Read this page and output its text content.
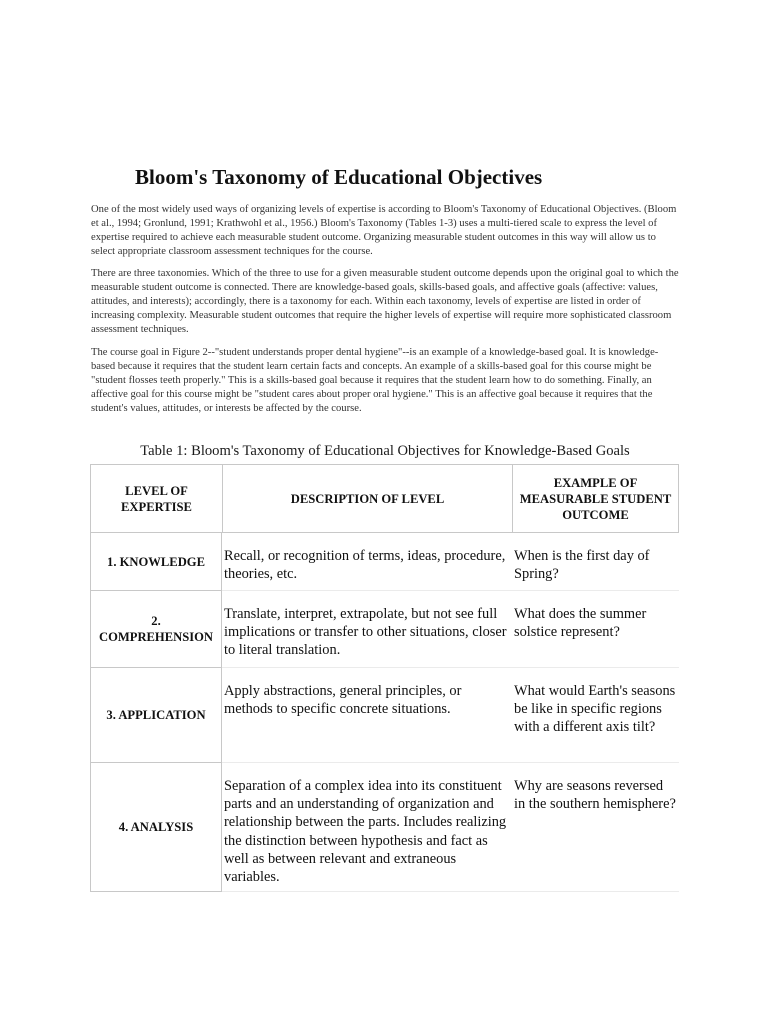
Bloom's Taxonomy of Educational Objectives

One of the most widely used ways of organizing levels of expertise is according to Bloom's Taxonomy of Educational Objectives. (Bloom et al., 1994; Gronlund, 1991; Krathwohl et al., 1956.) Bloom's Taxonomy (Tables 1-3) uses a multi-tiered scale to express the level of expertise required to achieve each measurable student outcome. Organizing measurable student outcomes in this way will allow us to select appropriate classroom assessment techniques for the course.

There are three taxonomies. Which of the three to use for a given measurable student outcome depends upon the original goal to which the measurable student outcome is connected. There are knowledge-based goals, skills-based goals, and affective goals (affective: values, attitudes, and interests); accordingly, there is a taxonomy for each. Within each taxonomy, levels of expertise are listed in order of increasing complexity. Measurable student outcomes that require the higher levels of expertise will require more sophisticated classroom assessment techniques.

The course goal in Figure 2--"student understands proper dental hygiene"--is an example of a knowledge-based goal. It is knowledge-based because it requires that the student learn certain facts and concepts. An example of a skills-based goal for this course might be "student flosses teeth properly." This is a skills-based goal because it requires that the student learn how to do something. Finally, an affective goal for this course might be "student cares about proper oral hygiene." This is an affective goal because it requires that the student's values, attitudes, or interests be affected by the course.

Table 1: Bloom's Taxonomy of Educational Objectives for Knowledge-Based Goals

LEVEL OF EXPERTISE	DESCRIPTION OF LEVEL	EXAMPLE OF MEASURABLE STUDENT OUTCOME
1. KNOWLEDGE	Recall, or recognition of terms, ideas, procedure, theories, etc.	When is the first day of Spring?
2. COMPREHENSION	Translate, interpret, extrapolate, but not see full implications or transfer to other situations, closer to literal translation.	What does the summer solstice represent?
3. APPLICATION	Apply abstractions, general principles, or methods to specific concrete situations.	What would Earth's seasons be like in specific regions with a different axis tilt?
4. ANALYSIS	Separation of a complex idea into its constituent parts and an understanding of organization and relationship between the parts. Includes realizing the distinction between hypothesis and fact as well as between relevant and extraneous variables.	Why are seasons reversed in the southern hemisphere?
